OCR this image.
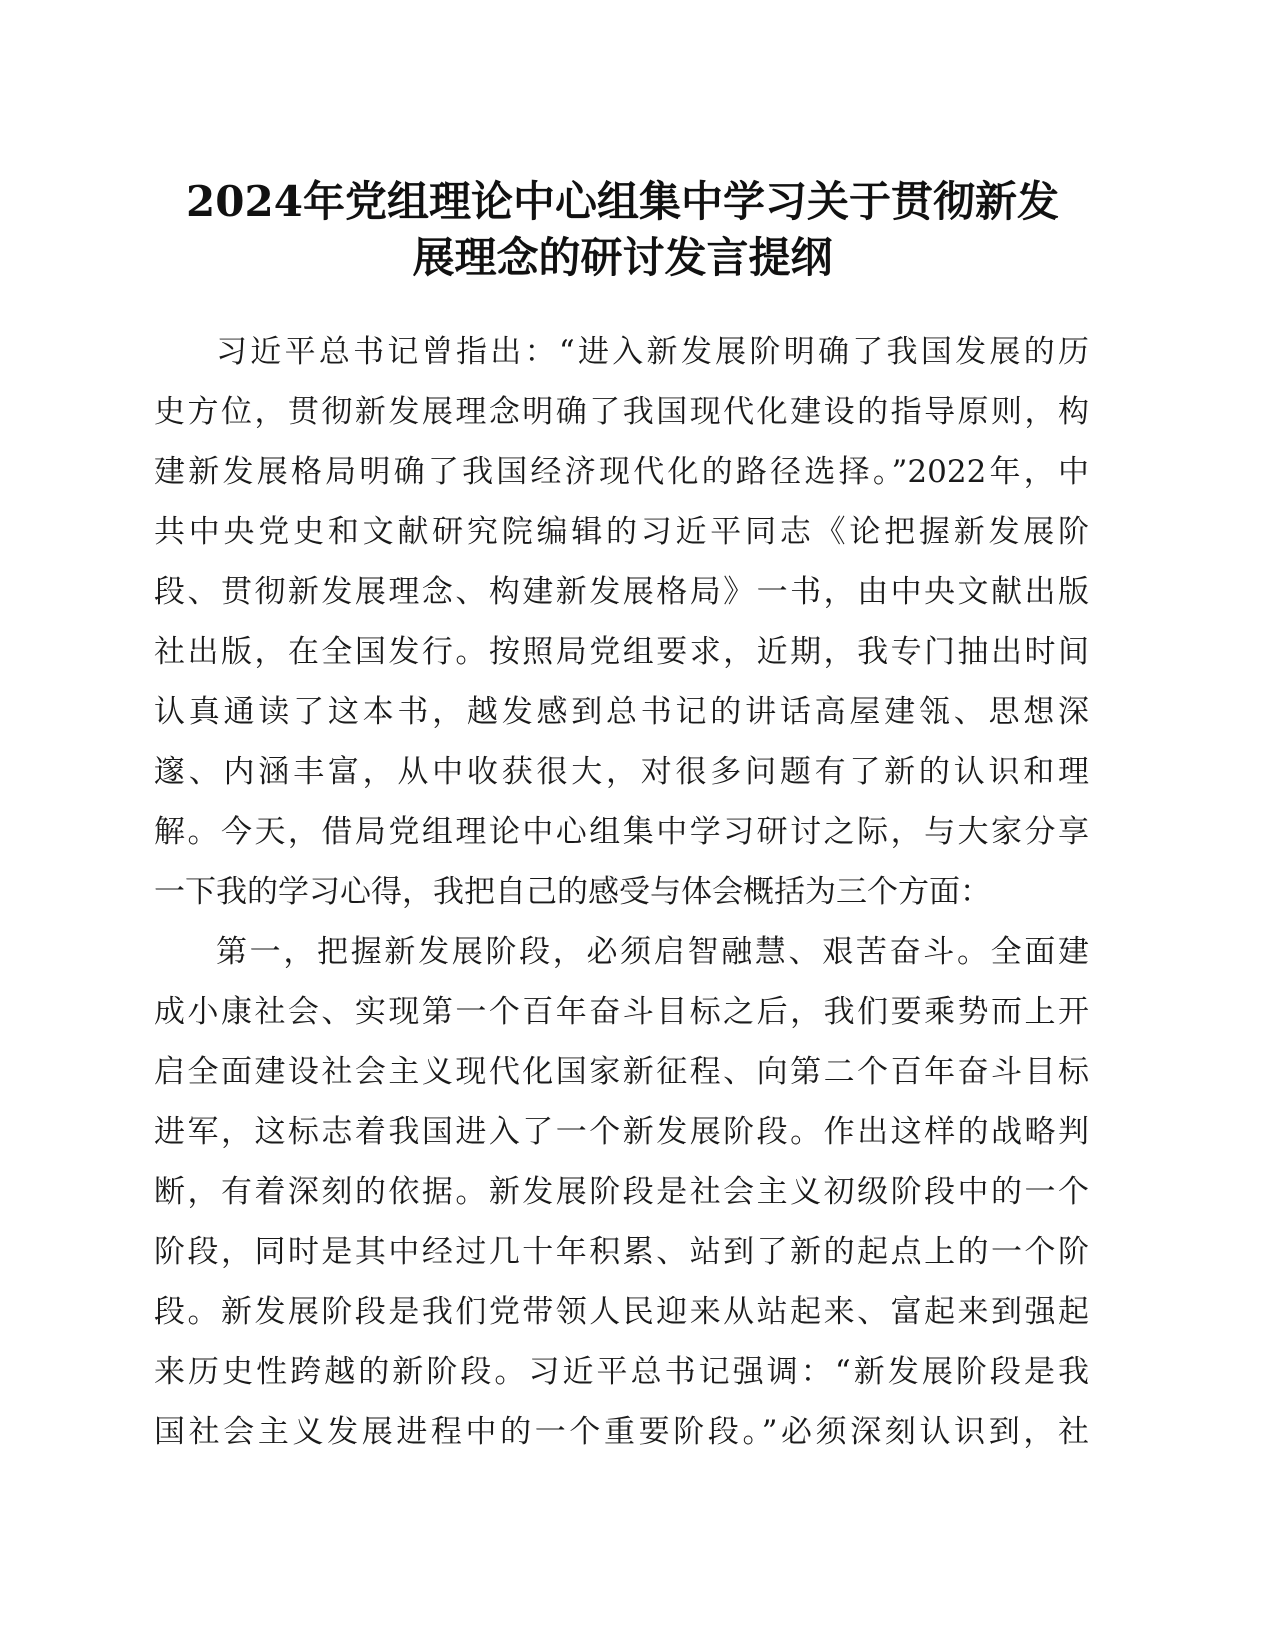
2024年党组理论中心组集中学习关于贯彻新发
展理念的研讨发言提纲
习近平总书记曾指出：“进入新发展阶明确了我国发展的历
史方位，贯彻新发展理念明确了我国现代化建设的指导原则，构
建新发展格局明确了我国经济现代化的路径选择。”2022年，中
共中央党史和文献研究院编辑的习近平同志《论把握新发展阶
段、贯彻新发展理念、构建新发展格局》一书，由中央文献出版
社出版，在全国发行。按照局党组要求，近期，我专门抽出时间
认真通读了这本书，越发感到总书记的讲话高屋建瓴、思想深
邃、内涵丰富，从中收获很大，对很多问题有了新的认识和理
解。今天，借局党组理论中心组集中学习研讨之际，与大家分享
一下我的学习心得，我把自己的感受与体会概括为三个方面：
第一，把握新发展阶段，必须启智融慧、艰苦奋斗。全面建
成小康社会、实现第一个百年奋斗目标之后，我们要乘势而上开
启全面建设社会主义现代化国家新征程、向第二个百年奋斗目标
进军，这标志着我国进入了一个新发展阶段。作出这样的战略判
断，有着深刻的依据。新发展阶段是社会主义初级阶段中的一个
阶段，同时是其中经过几十年积累、站到了新的起点上的一个阶
段。新发展阶段是我们党带领人民迎来从站起来、富起来到强起
来历史性跨越的新阶段。习近平总书记强调：“新发展阶段是我
国社会主义发展进程中的一个重要阶段。”必须深刻认识到，社
